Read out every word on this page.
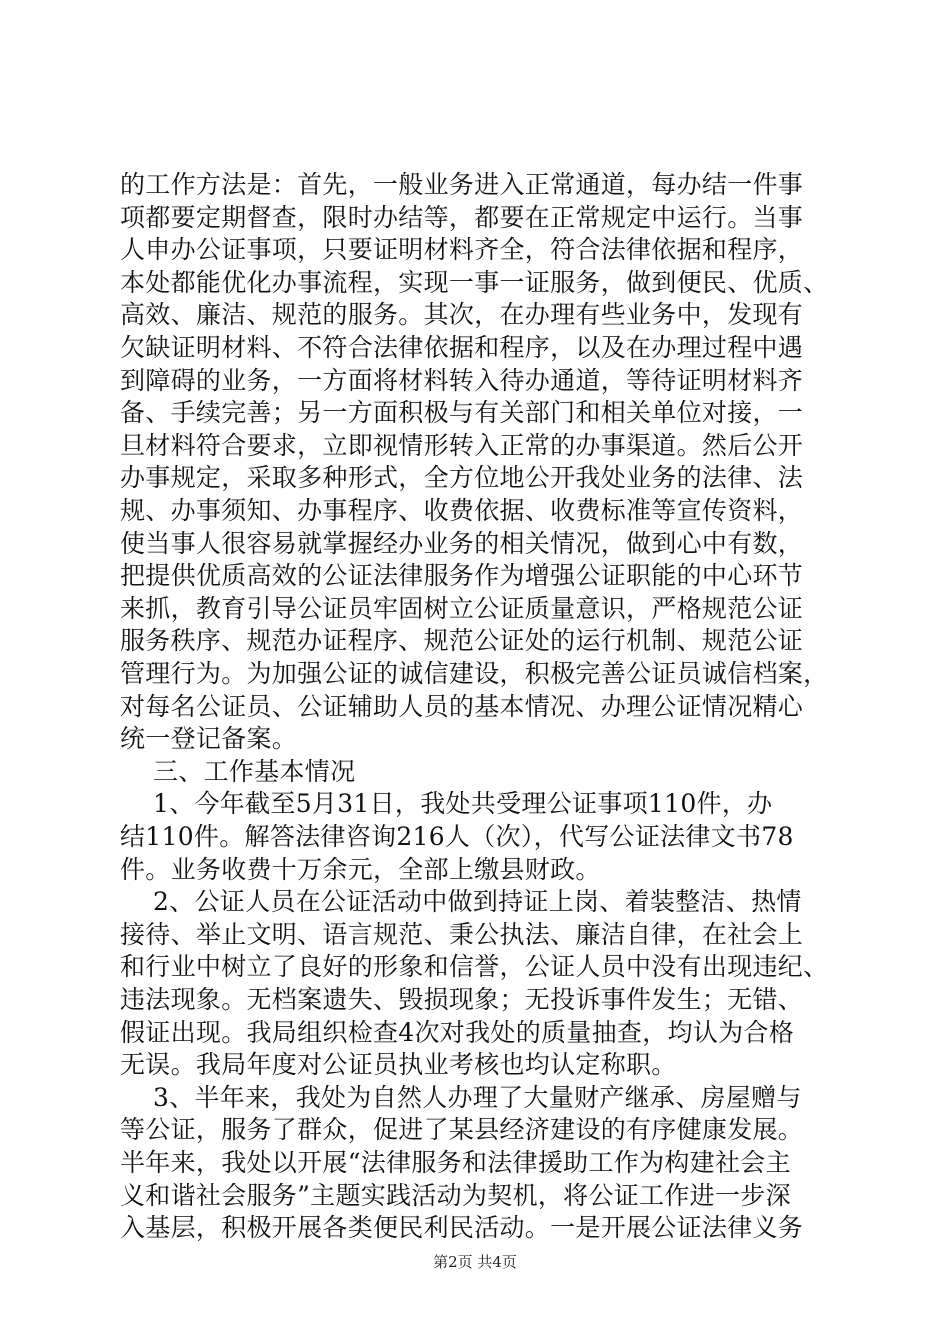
的工作方法是：首先，一般业务进入正常通道，每办结一件事
项都要定期督查，限时办结等，都要在正常规定中运行。当事
人申办公证事项，只要证明材料齐全，符合法律依据和程序，
本处都能优化办事流程，实现一事一证服务，做到便民、优质、
高效、廉洁、规范的服务。其次，在办理有些业务中，发现有
欠缺证明材料、不符合法律依据和程序，以及在办理过程中遇
到障碍的业务，一方面将材料转入待办通道，等待证明材料齐
备、手续完善；另一方面积极与有关部门和相关单位对接，一
旦材料符合要求，立即视情形转入正常的办事渠道。然后公开
办事规定，采取多种形式，全方位地公开我处业务的法律、法
规、办事须知、办事程序、收费依据、收费标准等宣传资料，
使当事人很容易就掌握经办业务的相关情况，做到心中有数，
把提供优质高效的公证法律服务作为增强公证职能的中心环节
来抓，教育引导公证员牢固树立公证质量意识，严格规范公证
服务秩序、规范办证程序、规范公证处的运行机制、规范公证
管理行为。为加强公证的诚信建设，积极完善公证员诚信档案，
对每名公证员、公证辅助人员的基本情况、办理公证情况精心
统一登记备案。
三、工作基本情况
1、今年截至5月31日，我处共受理公证事项110件，办
结110件。解答法律咨询216人（次），代写公证法律文书78
件。业务收费十万余元，全部上缴县财政。
2、公证人员在公证活动中做到持证上岗、着装整洁、热情
接待、举止文明、语言规范、秉公执法、廉洁自律，在社会上
和行业中树立了良好的形象和信誉，公证人员中没有出现违纪、
违法现象。无档案遗失、毁损现象；无投诉事件发生；无错、
假证出现。我局组织检查4次对我处的质量抽查，均认为合格
无误。我局年度对公证员执业考核也均认定称职。
3、半年来，我处为自然人办理了大量财产继承、房屋赠与
等公证，服务了群众，促进了某县经济建设的有序健康发展。
半年来，我处以开展“法律服务和法律援助工作为构建社会主
义和谐社会服务”主题实践活动为契机，将公证工作进一步深
入基层，积极开展各类便民利民活动。一是开展公证法律义务
第2页 共4页
